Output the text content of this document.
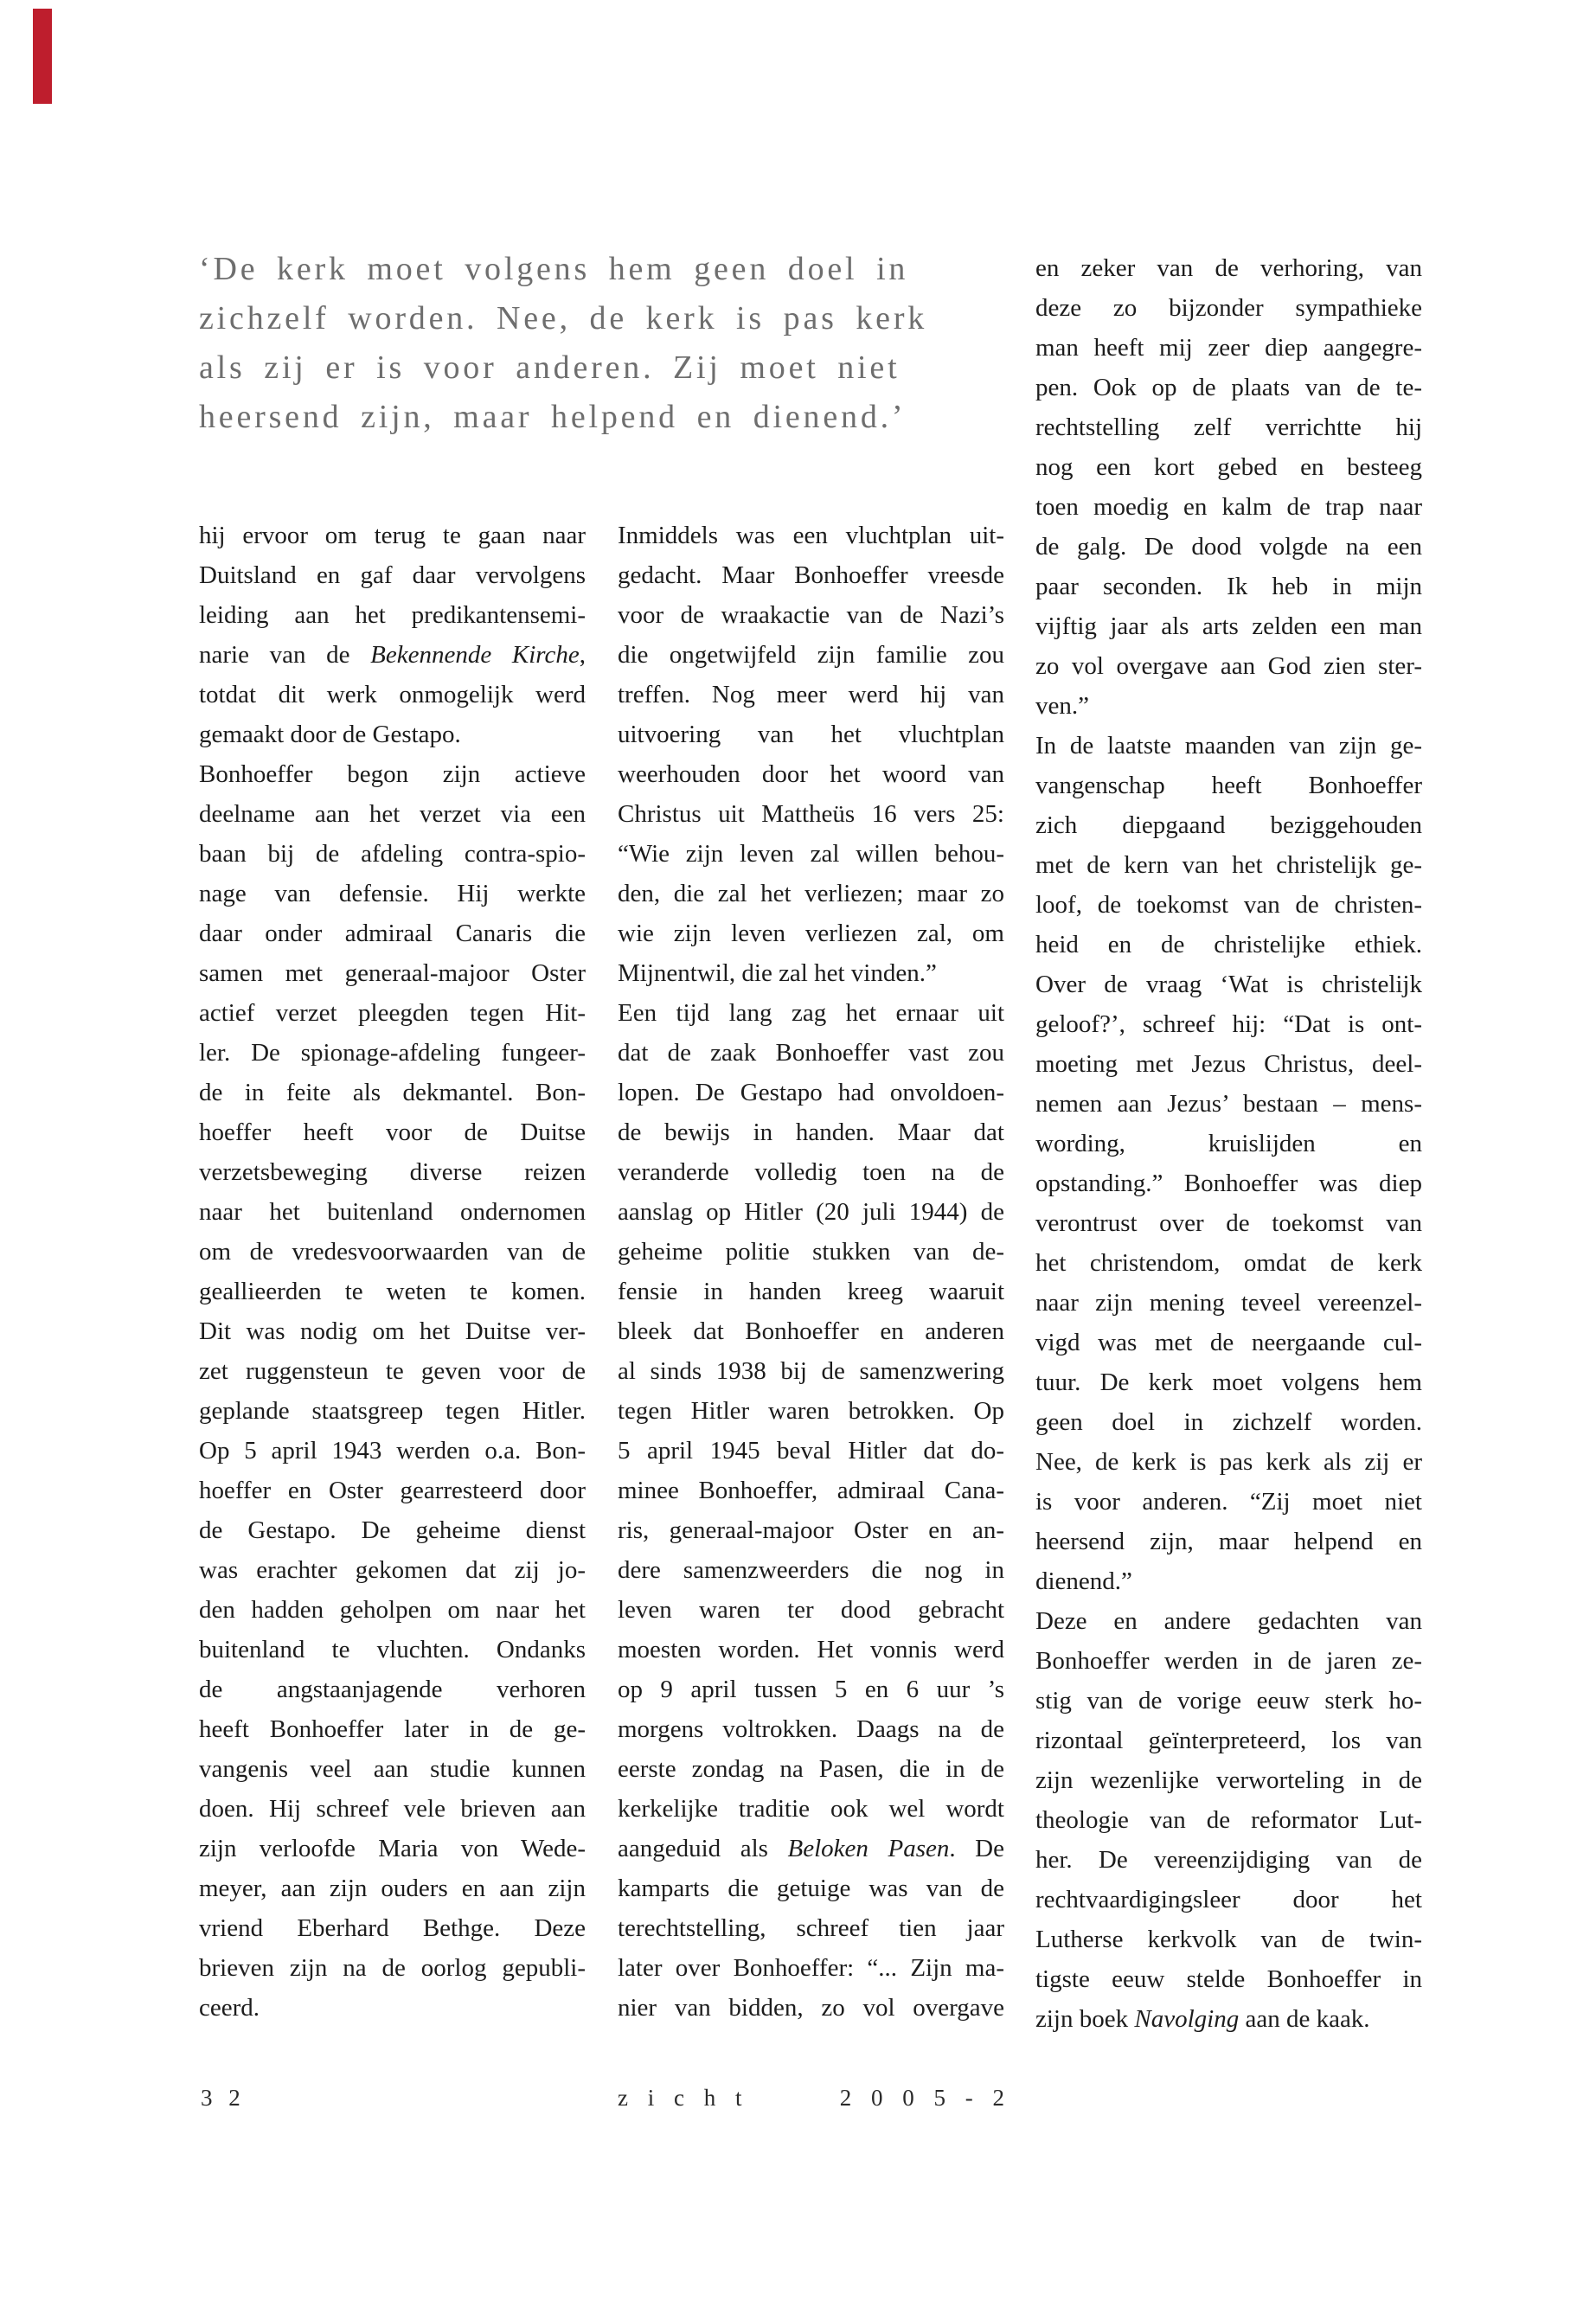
‘De kerk moet volgens hem geen doel in
zichzelf worden. Nee, de kerk is pas kerk
als zij er is voor anderen. Zij moet niet
heersend zijn, maar helpend en dienend.’

hij ervoor om terug te gaan naar

Duitsland en gaf daar vervolgens

leiding aan het predikantensemi-

narie van de Bekennende Kirche,

totdat dit werk onmogelijk werd

gemaakt door de Gestapo.

Bonhoeffer begon zijn actieve

deelname aan het verzet via een

baan bij de afdeling contra-spio-

nage van defensie. Hij werkte

daar onder admiraal Canaris die

samen met generaal-majoor Oster

actief verzet pleegden tegen Hit-

ler. De spionage-afdeling fungeer-

de in feite als dekmantel. Bon-

hoeffer heeft voor de Duitse

verzetsbeweging diverse reizen

naar het buitenland ondernomen

om de vredesvoorwaarden van de

geallieerden te weten te komen.

Dit was nodig om het Duitse ver-

zet ruggensteun te geven voor de

geplande staatsgreep tegen Hitler.

Op 5 april 1943 werden o.a. Bon-

hoeffer en Oster gearresteerd door

de Gestapo. De geheime dienst

was erachter gekomen dat zij jo-

den hadden geholpen om naar het

buitenland te vluchten. Ondanks

de angstaanjagende verhoren

heeft Bonhoeffer later in de ge-

vangenis veel aan studie kunnen

doen. Hij schreef vele brieven aan

zijn verloofde Maria von Wede-

meyer, aan zijn ouders en aan zijn

vriend Eberhard Bethge. Deze

brieven zijn na de oorlog gepubli-

ceerd.

Inmiddels was een vluchtplan uit-

gedacht. Maar Bonhoeffer vreesde

voor de wraakactie van de Nazi’s

die ongetwijfeld zijn familie zou

treffen. Nog meer werd hij van

uitvoering van het vluchtplan

weerhouden door het woord van

Christus uit Mattheüs 16 vers 25:

“Wie zijn leven zal willen behou-

den, die zal het verliezen; maar zo

wie zijn leven verliezen zal, om

Mijnentwil, die zal het vinden.”

Een tijd lang zag het ernaar uit

dat de zaak Bonhoeffer vast zou

lopen. De Gestapo had onvoldoen-

de bewijs in handen. Maar dat

veranderde volledig toen na de

aanslag op Hitler (20 juli 1944) de

geheime politie stukken van de-

fensie in handen kreeg waaruit

bleek dat Bonhoeffer en anderen

al sinds 1938 bij de samenzwering

tegen Hitler waren betrokken. Op

5 april 1945 beval Hitler dat do-

minee Bonhoeffer, admiraal Cana-

ris, generaal-majoor Oster en an-

dere samenzweerders die nog in

leven waren ter dood gebracht

moesten worden. Het vonnis werd

op 9 april tussen 5 en 6 uur ’s

morgens voltrokken. Daags na de

eerste zondag na Pasen, die in de

kerkelijke traditie ook wel wordt

aangeduid als Beloken Pasen. De

kamparts die getuige was van de

terechtstelling, schreef tien jaar

later over Bonhoeffer: “... Zijn ma-

nier van bidden, zo vol overgave

en zeker van de verhoring, van

deze zo bijzonder sympathieke

man heeft mij zeer diep aangegre-

pen. Ook op de plaats van de te-

rechtstelling zelf verrichtte hij

nog een kort gebed en besteeg

toen moedig en kalm de trap naar

de galg. De dood volgde na een

paar seconden. Ik heb in mijn

vijftig jaar als arts zelden een man

zo vol overgave aan God zien ster-

ven.”

In de laatste maanden van zijn ge-

vangenschap heeft Bonhoeffer

zich diepgaand beziggehouden

met de kern van het christelijk ge-

loof, de toekomst van de christen-

heid en de christelijke ethiek.

Over de vraag ‘Wat is christelijk

geloof?’, schreef hij: “Dat is ont-

moeting met Jezus Christus, deel-

nemen aan Jezus’ bestaan – mens-

wording, kruislijden en

opstanding.” Bonhoeffer was diep

verontrust over de toekomst van

het christendom, omdat de kerk

naar zijn mening teveel vereenzel-

vigd was met de neergaande cul-

tuur. De kerk moet volgens hem

geen doel in zichzelf worden.

Nee, de kerk is pas kerk als zij er

is voor anderen. “Zij moet niet

heersend zijn, maar helpend en

dienend.”

Deze en andere gedachten van

Bonhoeffer werden in de jaren ze-

stig van de vorige eeuw sterk ho-

rizontaal geïnterpreteerd, los van

zijn wezenlijke verworteling in de

theologie van de reformator Lut-

her. De vereenzijdiging van de

rechtvaardigingsleer door het

Lutherse kerkvolk van de twin-

tigste eeuw stelde Bonhoeffer in

zijn boek Navolging aan de kaak.

3 2	z i c h t	2 0 0 5 - 2
